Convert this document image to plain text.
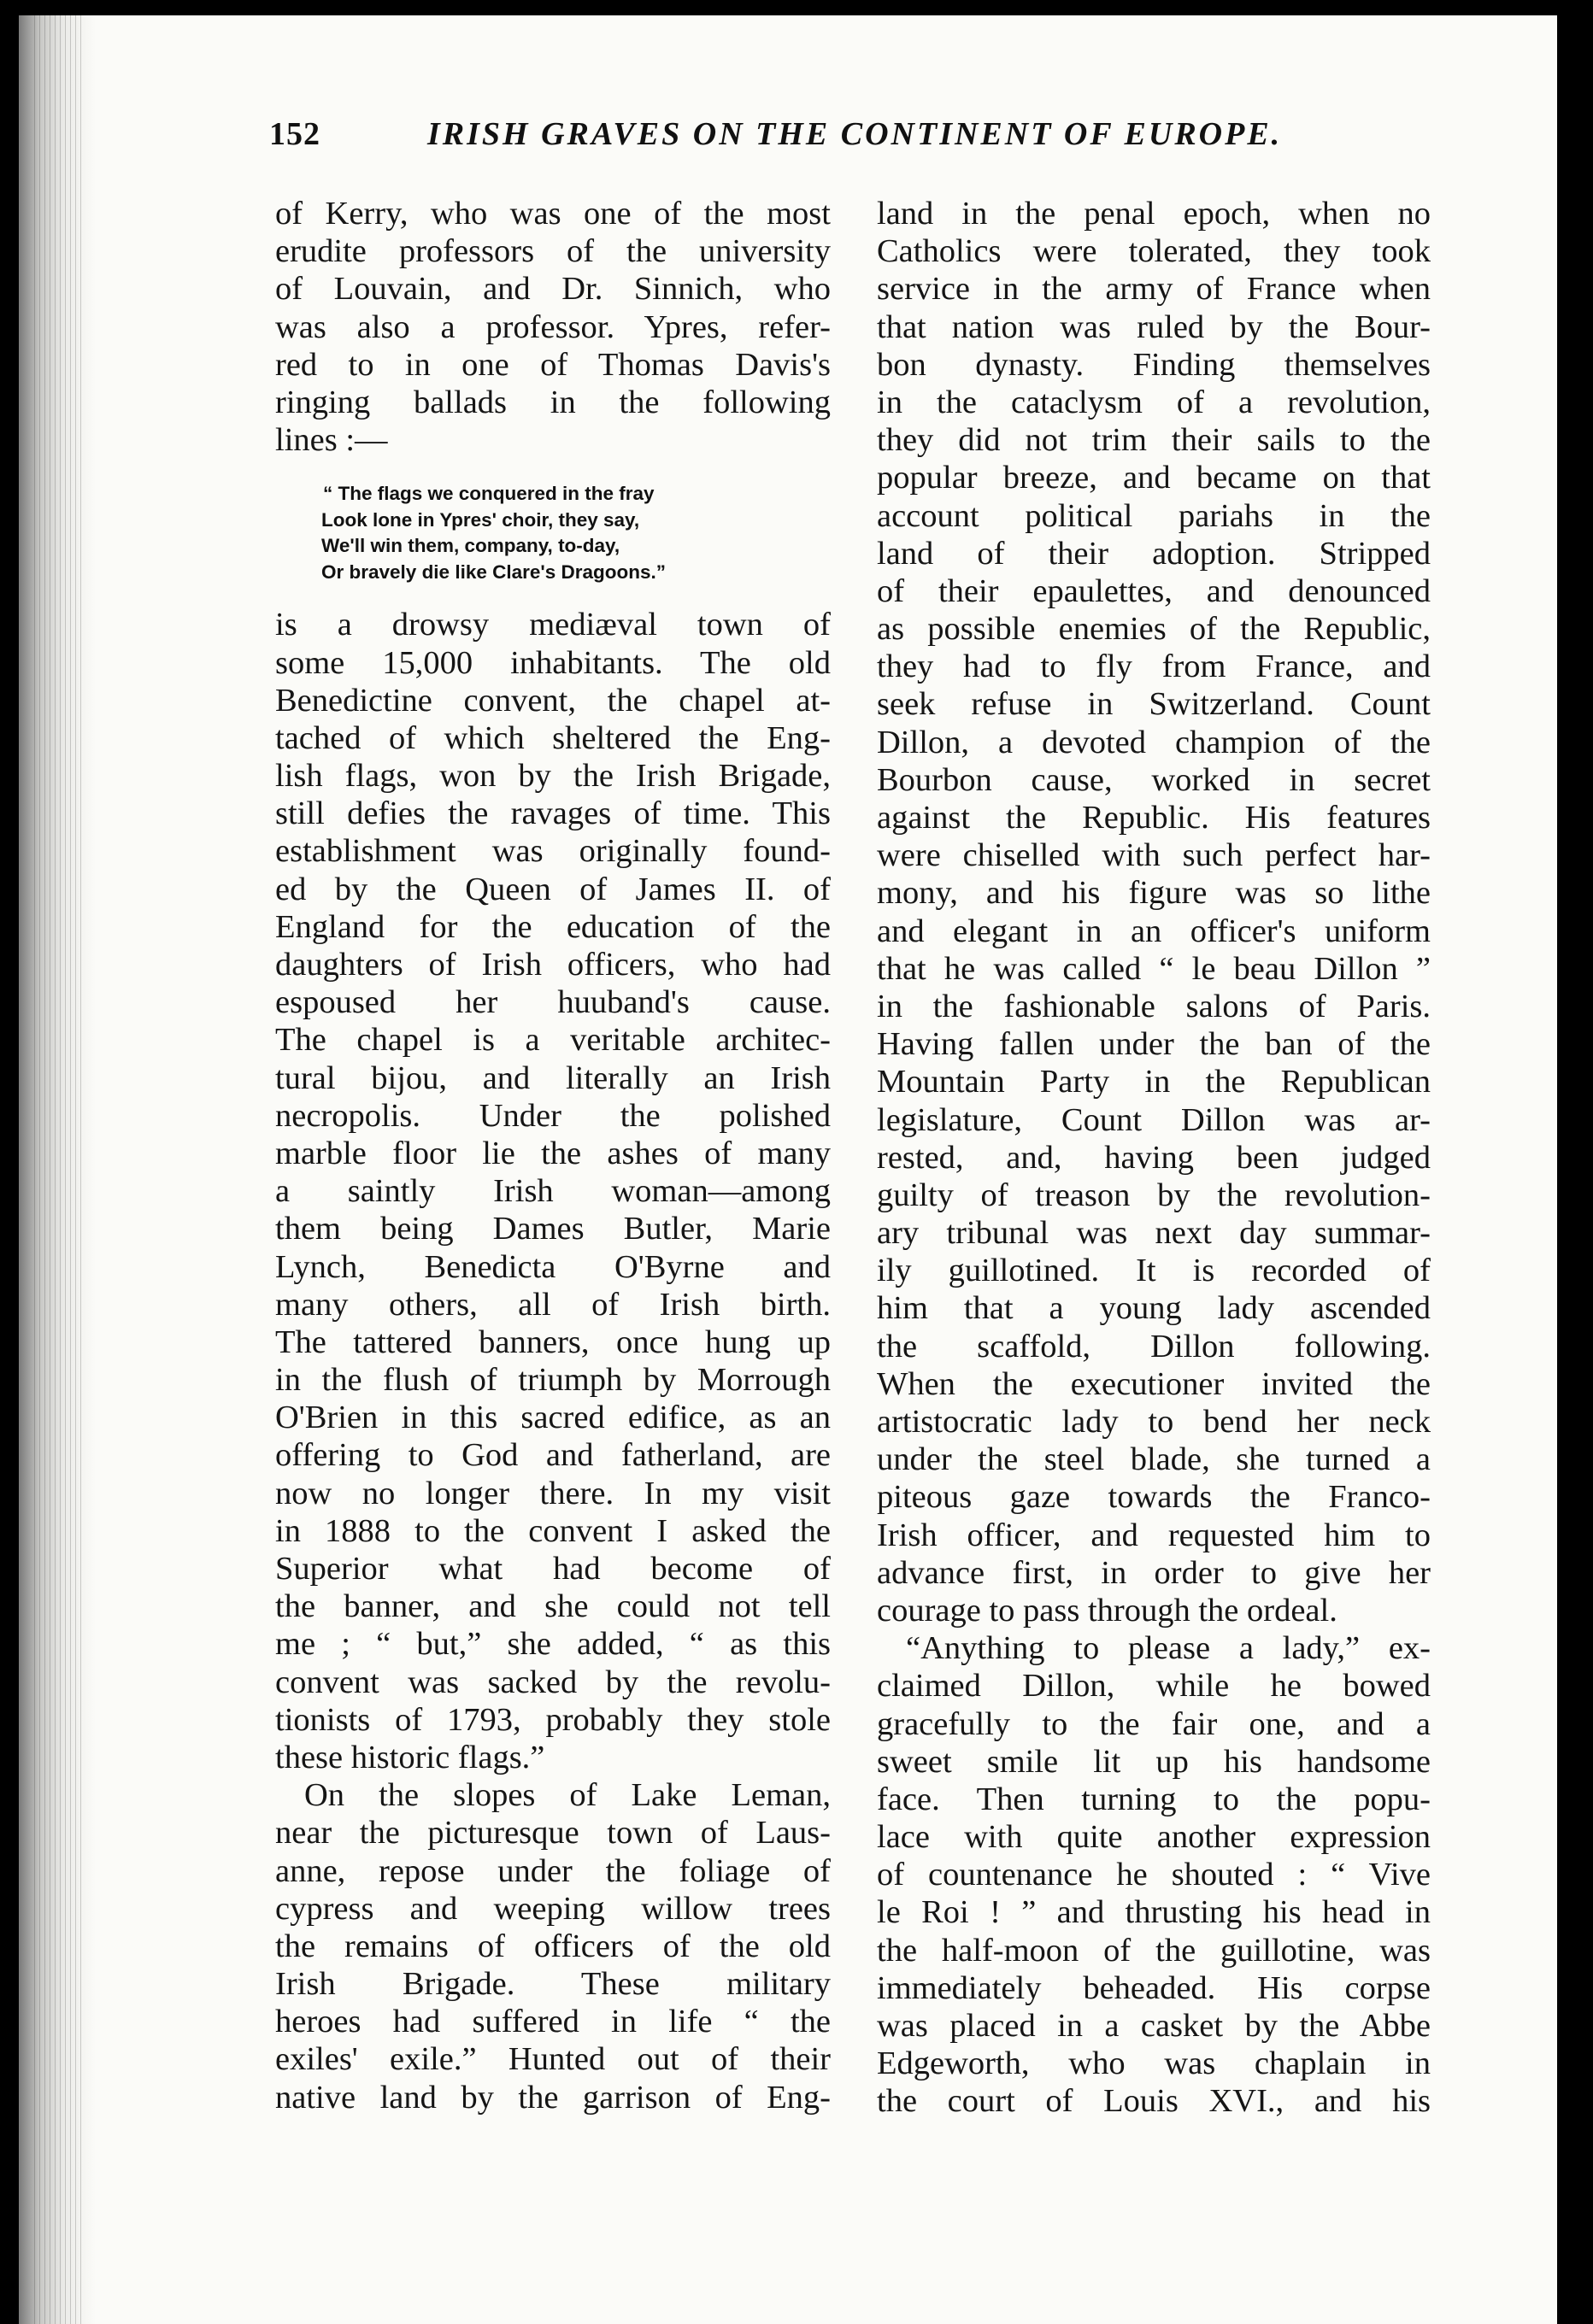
152	IRISH GRAVES ON THE CONTINENT OF EUROPE.
of Kerry, who was one of the most
erudite professors of the university
of Louvain, and Dr. Sinnich, who
was also a professor. Ypres, refer-
red to in one of Thomas Davis's
ringing ballads in the following
lines :—
“ The flags we conquered in the fray
Look lone in Ypres' choir, they say,
We'll win them, company, to-day,
Or bravely die like Clare's Dragoons.”
is a drowsy mediæval town of
some 15,000 inhabitants. The old
Benedictine convent, the chapel at-
tached of which sheltered the Eng-
lish flags, won by the Irish Brigade,
still defies the ravages of time. This
establishment was originally found-
ed by the Queen of James II. of
England for the education of the
daughters of Irish officers, who had
espoused her huuband's cause.
The chapel is a veritable architec-
tural bijou, and literally an Irish
necropolis. Under the polished
marble floor lie the ashes of many
a saintly Irish woman—among
them being Dames Butler, Marie
Lynch, Benedicta O'Byrne and
many others, all of Irish birth.
The tattered banners, once hung up
in the flush of triumph by Morrough
O'Brien in this sacred edifice, as an
offering to God and fatherland, are
now no longer there. In my visit
in 1888 to the convent I asked the
Superior what had become of
the banner, and she could not tell
me ; “ but,” she added, “ as this
convent was sacked by the revolu-
tionists of 1793, probably they stole
these historic flags.”
On the slopes of Lake Leman,
near the picturesque town of Laus-
anne, repose under the foliage of
cypress and weeping willow trees
the remains of officers of the old
Irish Brigade. These military
heroes had suffered in life “ the
exiles' exile.” Hunted out of their
native land by the garrison of Eng-
land in the penal epoch, when no
Catholics were tolerated, they took
service in the army of France when
that nation was ruled by the Bour-
bon dynasty. Finding themselves
in the cataclysm of a revolution,
they did not trim their sails to the
popular breeze, and became on that
account political pariahs in the
land of their adoption. Stripped
of their epaulettes, and denounced
as possible enemies of the Republic,
they had to fly from France, and
seek refuse in Switzerland. Count
Dillon, a devoted champion of the
Bourbon cause, worked in secret
against the Republic. His features
were chiselled with such perfect har-
mony, and his figure was so lithe
and elegant in an officer's uniform
that he was called “ le beau Dillon ”
in the fashionable salons of Paris.
Having fallen under the ban of the
Mountain Party in the Republican
legislature, Count Dillon was ar-
rested, and, having been judged
guilty of treason by the revolution-
ary tribunal was next day summar-
ily guillotined. It is recorded of
him that a young lady ascended
the scaffold, Dillon following.
When the executioner invited the
artistocratic lady to bend her neck
under the steel blade, she turned a
piteous gaze towards the Franco-
Irish officer, and requested him to
advance first, in order to give her
courage to pass through the ordeal.
“Anything to please a lady,” ex-
claimed Dillon, while he bowed
gracefully to the fair one, and a
sweet smile lit up his handsome
face. Then turning to the popu-
lace with quite another expression
of countenance he shouted : “ Vive
le Roi ! ” and thrusting his head in
the half-moon of the guillotine, was
immediately beheaded. His corpse
was placed in a casket by the Abbe
Edgeworth, who was chaplain in
the court of Louis XVI., and his
